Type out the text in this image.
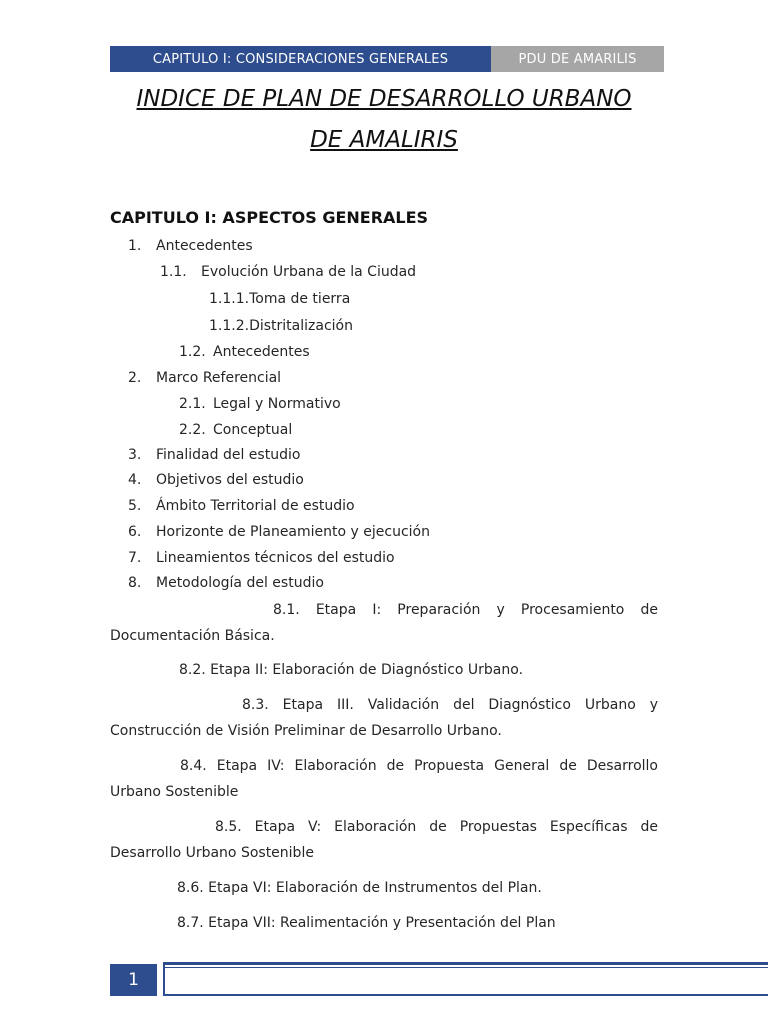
CAPITULO I: CONSIDERACIONES GENERALES	PDU DE AMARILIS
INDICE DE PLAN DE DESARROLLO URBANO
DE AMALIRIS
CAPITULO I: ASPECTOS GENERALES
1. Antecedentes
1.1. Evolución Urbana de la Ciudad
1.1.1.Toma de tierra
1.1.2.Distritalización
1.2. Antecedentes
2. Marco Referencial
2.1. Legal y Normativo
2.2. Conceptual
3. Finalidad del estudio
4. Objetivos del estudio
5. Ámbito Territorial de estudio
6. Horizonte de Planeamiento y ejecución
7. Lineamientos técnicos del estudio
8. Metodología del estudio
8.1. Etapa I: Preparación y Procesamiento de Documentación Básica.
8.2. Etapa II: Elaboración de Diagnóstico Urbano.
8.3. Etapa III. Validación del Diagnóstico Urbano y Construcción de Visión Preliminar de Desarrollo Urbano.
8.4. Etapa IV: Elaboración de Propuesta General de Desarrollo Urbano Sostenible
8.5. Etapa V: Elaboración de Propuestas Específicas de Desarrollo Urbano Sostenible
8.6. Etapa VI: Elaboración de Instrumentos del Plan.
8.7. Etapa VII: Realimentación y Presentación del Plan
1
